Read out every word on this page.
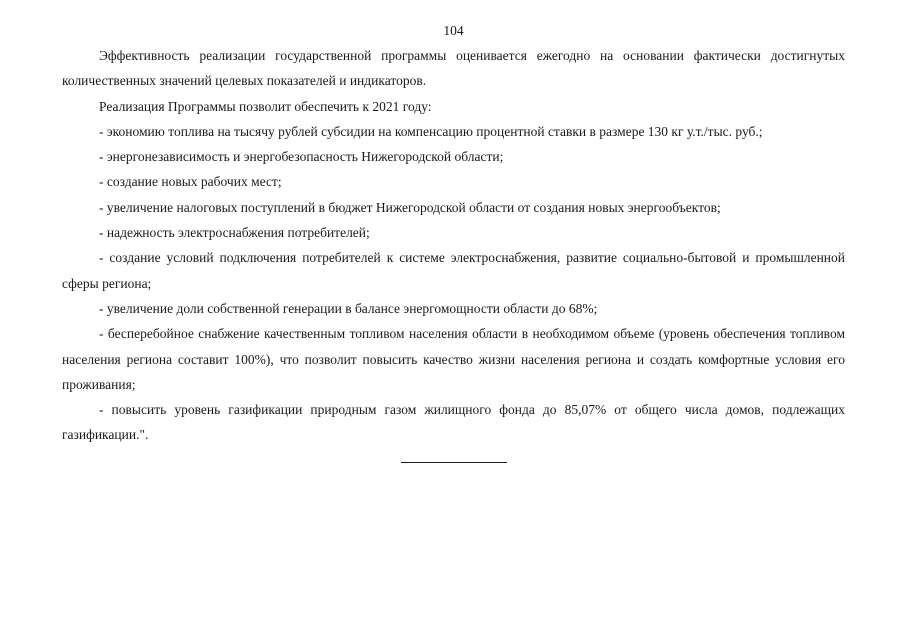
104

Эффективность реализации государственной программы оценивается ежегодно на основании фактически достигнутых количественных значений целевых показателей и индикаторов.

Реализация Программы позволит обеспечить к 2021 году:

- экономию топлива на тысячу рублей субсидии на компенсацию процентной ставки в размере 130 кг у.т./тыс. руб.;

- энергонезависимость и энергобезопасность Нижегородской области;

- создание новых рабочих мест;

- увеличение налоговых поступлений в бюджет Нижегородской области от создания новых энергообъектов;

- надежность электроснабжения потребителей;

- создание условий подключения потребителей к системе электроснабжения, развитие социально-бытовой и промышленной сферы региона;

- увеличение доли собственной генерации в балансе энергомощности области до 68%;

- бесперебойное снабжение качественным топливом населения области в необходимом объеме (уровень обеспечения топливом населения региона составит 100%), что позволит повысить качество жизни населения региона и создать комфортные условия его проживания;

- повысить уровень газификации природным газом жилищного фонда до 85,07% от общего числа домов, подлежащих газификации.".
